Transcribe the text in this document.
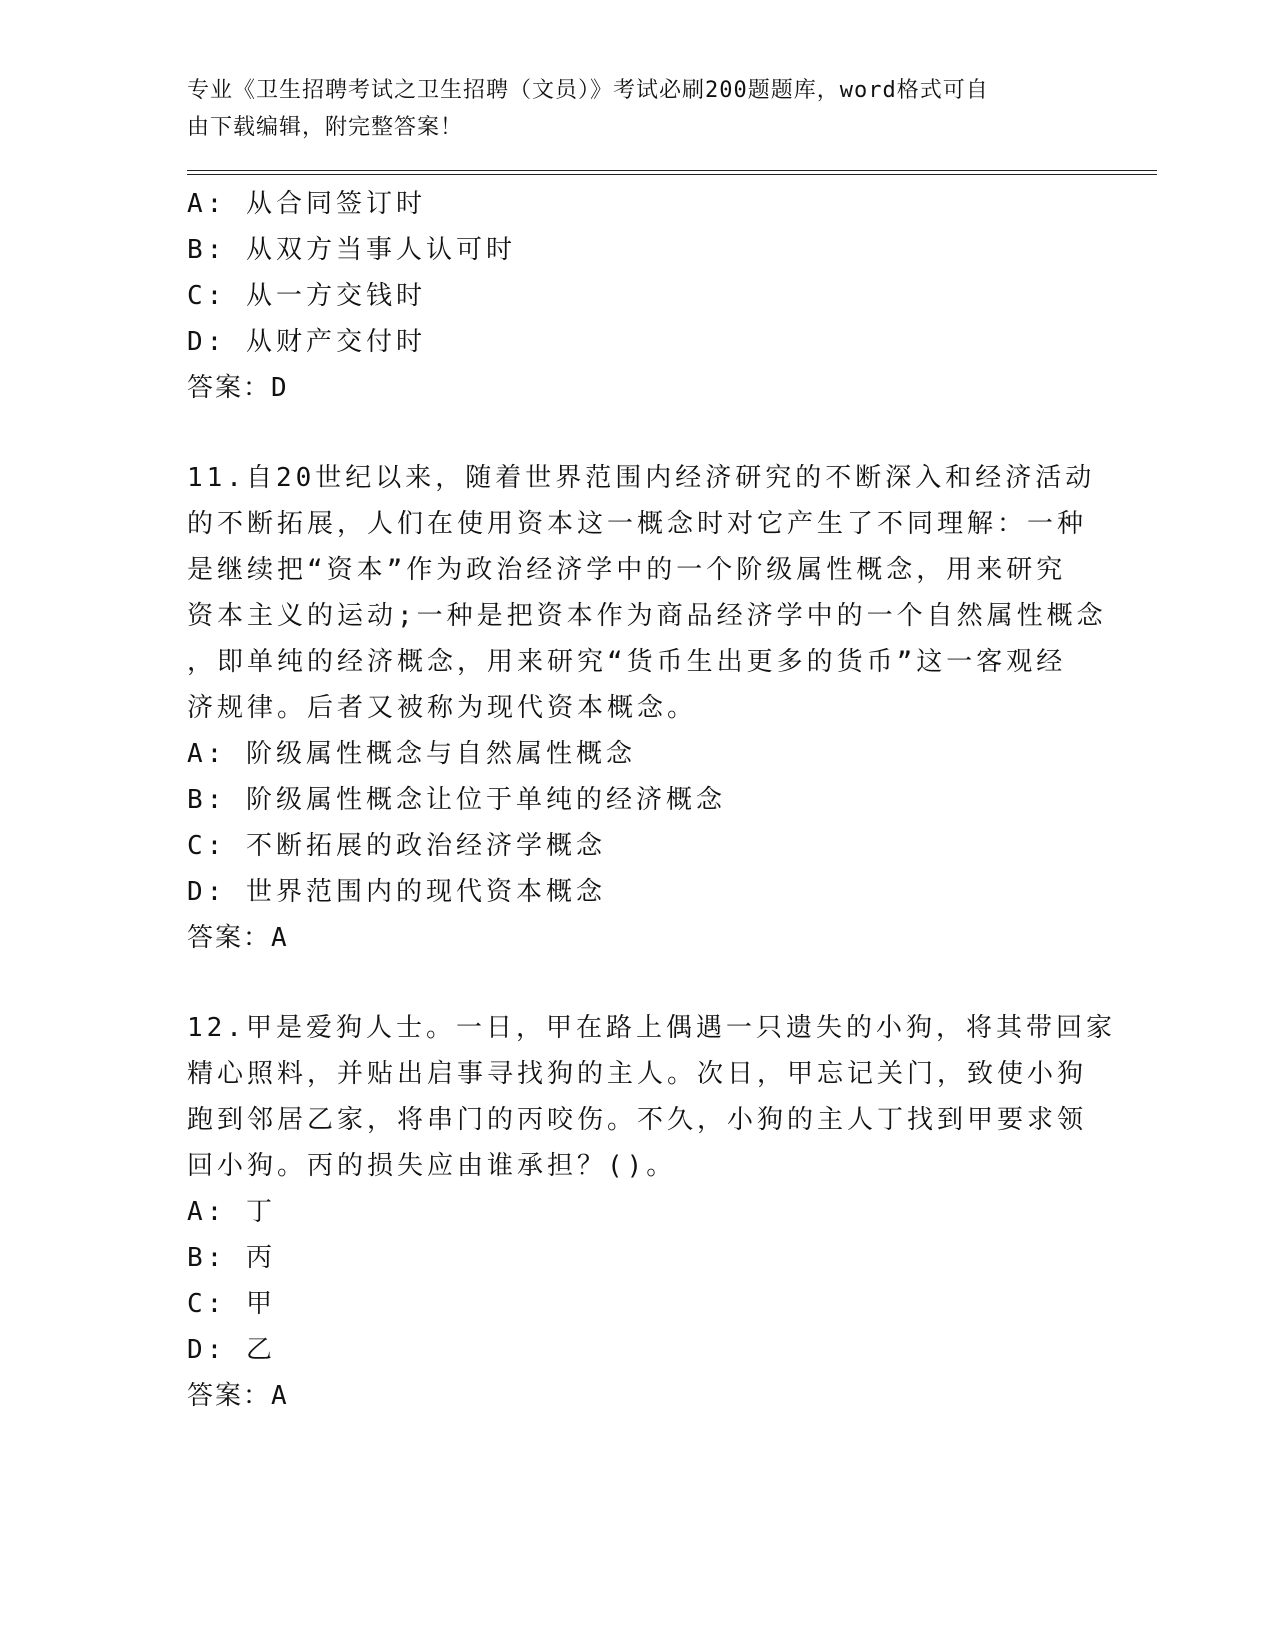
专业《卫生招聘考试之卫生招聘（文员）》考试必刷200题题库，word格式可自
由下载编辑，附完整答案！
A: 从合同签订时
B: 从双方当事人认可时
C: 从一方交钱时
D: 从财产交付时
答案：D
11.自20世纪以来，随着世界范围内经济研究的不断深入和经济活动
的不断拓展，人们在使用资本这一概念时对它产生了不同理解：一种
是继续把“资本”作为政治经济学中的一个阶级属性概念，用来研究
资本主义的运动;一种是把资本作为商品经济学中的一个自然属性概念
，即单纯的经济概念，用来研究“货币生出更多的货币”这一客观经
济规律。后者又被称为现代资本概念。
A: 阶级属性概念与自然属性概念
B: 阶级属性概念让位于单纯的经济概念
C: 不断拓展的政治经济学概念
D: 世界范围内的现代资本概念
答案：A
12.甲是爱狗人士。一日，甲在路上偶遇一只遗失的小狗，将其带回家
精心照料，并贴出启事寻找狗的主人。次日，甲忘记关门，致使小狗
跑到邻居乙家，将串门的丙咬伤。不久，小狗的主人丁找到甲要求领
回小狗。丙的损失应由谁承担？()。
A: 丁
B: 丙
C: 甲
D: 乙
答案：A
